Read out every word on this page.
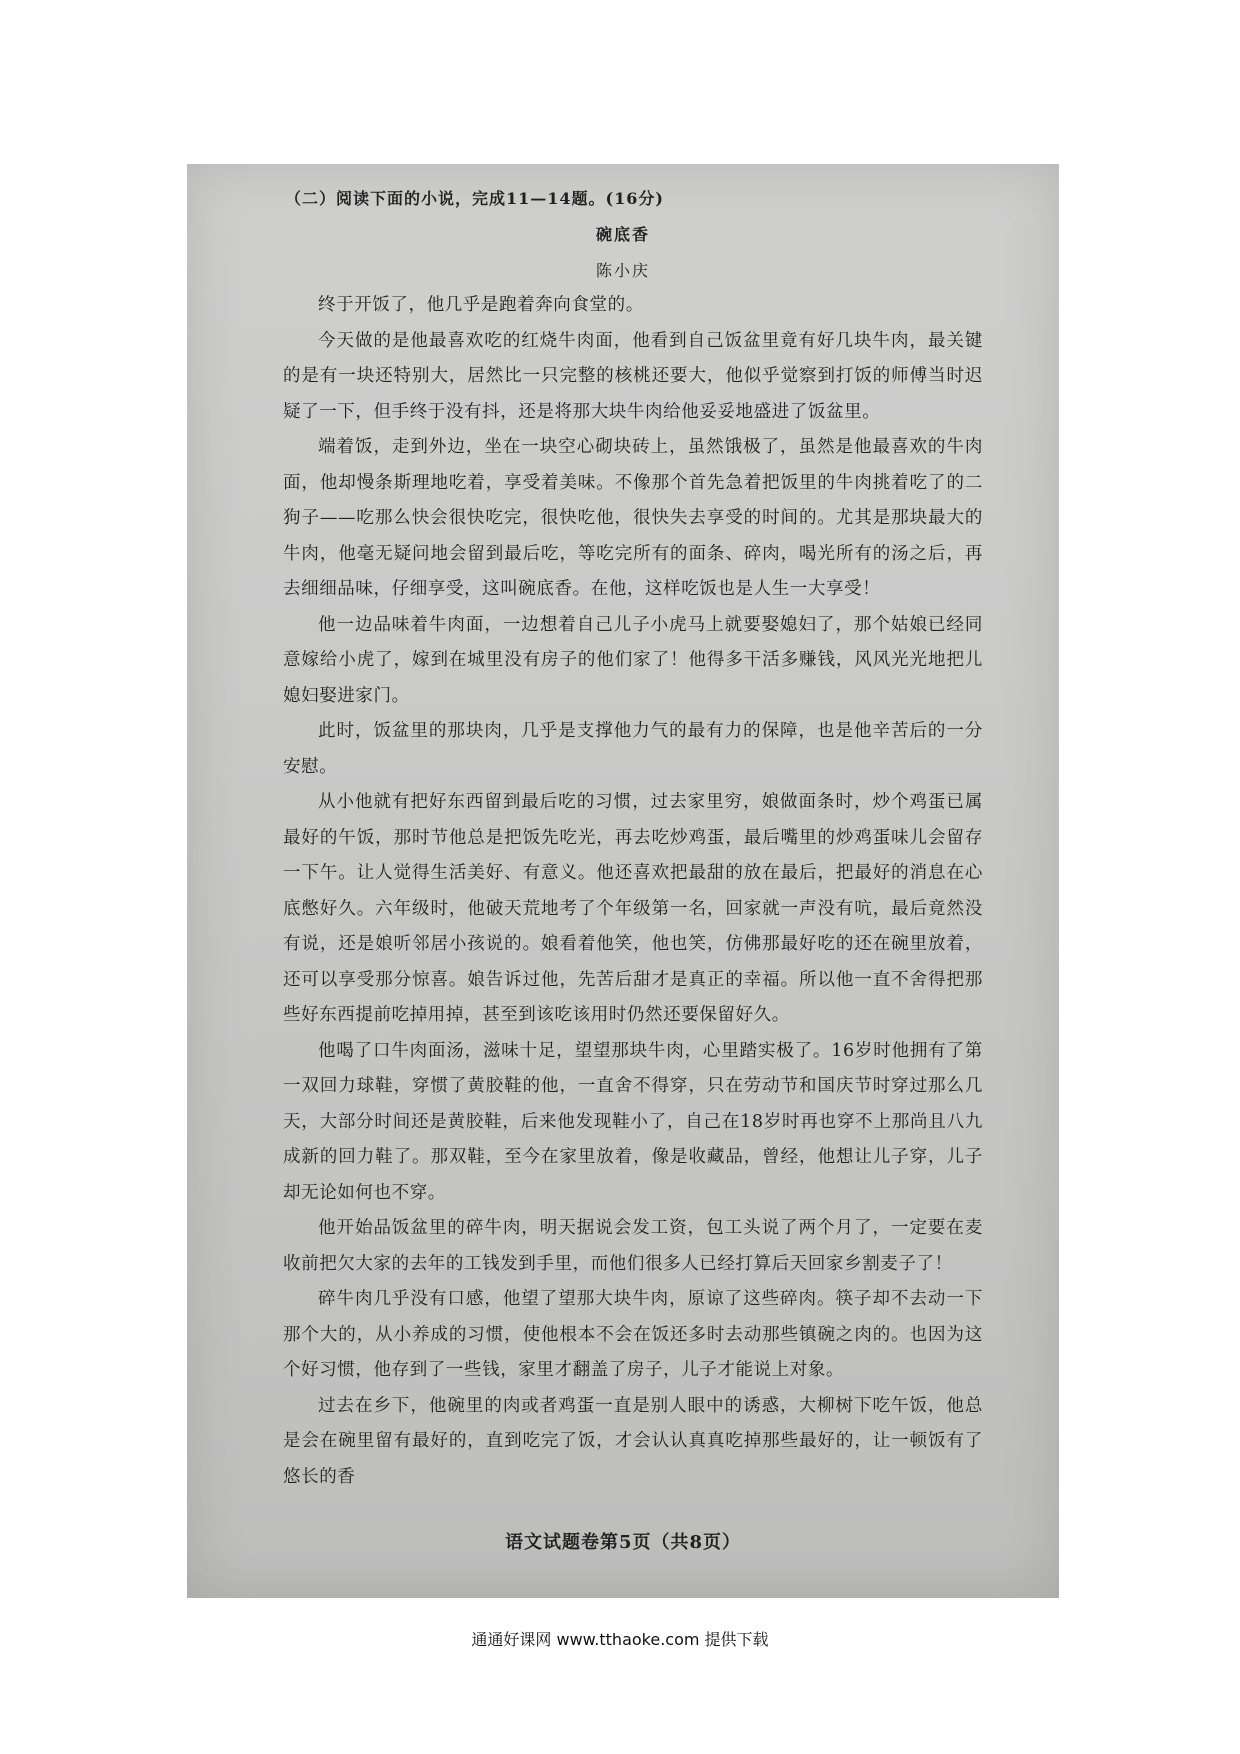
（二）阅读下面的小说，完成11—14题。(16分)
碗底香
陈小庆

终于开饭了，他几乎是跑着奔向食堂的。

今天做的是他最喜欢吃的红烧牛肉面，他看到自己饭盆里竟有好几块牛肉，最关键的是有一块还特别大，居然比一只完整的核桃还要大，他似乎觉察到打饭的师傅当时迟疑了一下，但手终于没有抖，还是将那大块牛肉给他妥妥地盛进了饭盆里。

端着饭，走到外边，坐在一块空心砌块砖上，虽然饿极了，虽然是他最喜欢的牛肉面，他却慢条斯理地吃着，享受着美味。不像那个首先急着把饭里的牛肉挑着吃了的二狗子——吃那么快会很快吃完，很快吃他，很快失去享受的时间的。尤其是那块最大的牛肉，他毫无疑问地会留到最后吃，等吃完所有的面条、碎肉，喝光所有的汤之后，再去细细品味，仔细享受，这叫碗底香。在他，这样吃饭也是人生一大享受！

他一边品味着牛肉面，一边想着自己儿子小虎马上就要娶媳妇了，那个姑娘已经同意嫁给小虎了，嫁到在城里没有房子的他们家了！他得多干活多赚钱，风风光光地把儿媳妇娶进家门。

此时，饭盆里的那块肉，几乎是支撑他力气的最有力的保障，也是他辛苦后的一分安慰。

从小他就有把好东西留到最后吃的习惯，过去家里穷，娘做面条时，炒个鸡蛋已属最好的午饭，那时节他总是把饭先吃光，再去吃炒鸡蛋，最后嘴里的炒鸡蛋味儿会留存一下午。让人觉得生活美好、有意义。他还喜欢把最甜的放在最后，把最好的消息在心底憋好久。六年级时，他破天荒地考了个年级第一名，回家就一声没有吭，最后竟然没有说，还是娘听邻居小孩说的。娘看着他笑，他也笑，仿佛那最好吃的还在碗里放着，还可以享受那分惊喜。娘告诉过他，先苦后甜才是真正的幸福。所以他一直不舍得把那些好东西提前吃掉用掉，甚至到该吃该用时仍然还要保留好久。

他喝了口牛肉面汤，滋味十足，望望那块牛肉，心里踏实极了。16岁时他拥有了第一双回力球鞋，穿惯了黄胶鞋的他，一直舍不得穿，只在劳动节和国庆节时穿过那么几天，大部分时间还是黄胶鞋，后来他发现鞋小了，自己在18岁时再也穿不上那尚且八九成新的回力鞋了。那双鞋，至今在家里放着，像是收藏品，曾经，他想让儿子穿，儿子却无论如何也不穿。

他开始品饭盆里的碎牛肉，明天据说会发工资，包工头说了两个月了，一定要在麦收前把欠大家的去年的工钱发到手里，而他们很多人已经打算后天回家乡割麦子了！

碎牛肉几乎没有口感，他望了望那大块牛肉，原谅了这些碎肉。筷子却不去动一下那个大的，从小养成的习惯，使他根本不会在饭还多时去动那些镇碗之肉的。也因为这个好习惯，他存到了一些钱，家里才翻盖了房子，儿子才能说上对象。

过去在乡下，他碗里的肉或者鸡蛋一直是别人眼中的诱惑，大柳树下吃午饭，他总是会在碗里留有最好的，直到吃完了饭，才会认认真真吃掉那些最好的，让一顿饭有了悠长的香

语文试题卷第5页（共8页）
通通好课网 www.tthaoke.com 提供下载
